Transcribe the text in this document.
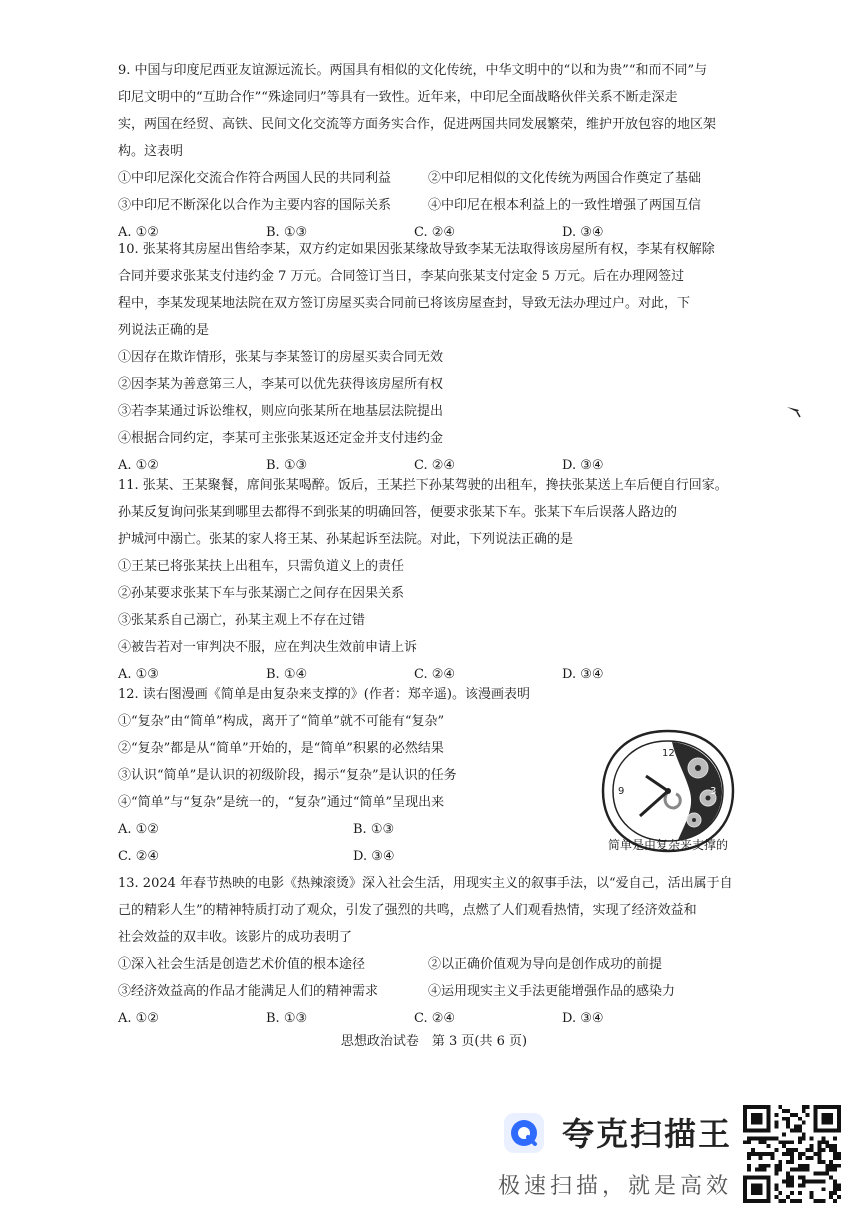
9. 中国与印度尼西亚友谊源远流长。两国具有相似的文化传统，中华文明中的“以和为贵”“和而不同”与
印尼文明中的“互助合作”“殊途同归”等具有一致性。近年来，中印尼全面战略伙伴关系不断走深走
实，两国在经贸、高铁、民间文化交流等方面务实合作，促进两国共同发展繁荣，维护开放包容的地区架
构。这表明
①中印尼深化交流合作符合两国人民的共同利益	②中印尼相似的文化传统为两国合作奠定了基础
③中印尼不断深化以合作为主要内容的国际关系	④中印尼在根本利益上的一致性增强了两国互信
A. ①②	B. ①③	C. ②④	D. ③④
10. 张某将其房屋出售给李某，双方约定如果因张某缘故导致李某无法取得该房屋所有权，李某有权解除
合同并要求张某支付违约金 7 万元。合同签订当日，李某向张某支付定金 5 万元。后在办理网签过
程中，李某发现某地法院在双方签订房屋买卖合同前已将该房屋查封，导致无法办理过户。对此，下
列说法正确的是
①因存在欺诈情形，张某与李某签订的房屋买卖合同无效
②因李某为善意第三人，李某可以优先获得该房屋所有权
③若李某通过诉讼维权，则应向张某所在地基层法院提出
④根据合同约定，李某可主张张某返还定金并支付违约金
A. ①②	B. ①③	C. ②④	D. ③④
11. 张某、王某聚餐，席间张某喝醉。饭后，王某拦下孙某驾驶的出租车，搀扶张某送上车后便自行回家。
孙某反复询问张某到哪里去都得不到张某的明确回答，便要求张某下车。张某下车后误落人路边的
护城河中溺亡。张某的家人将王某、孙某起诉至法院。对此，下列说法正确的是
①王某已将张某扶上出租车，只需负道义上的责任
②孙某要求张某下车与张某溺亡之间存在因果关系
③张某系自己溺亡，孙某主观上不存在过错
④被告若对一审判决不服，应在判决生效前申请上诉
A. ①③	B. ①④	C. ②④	D. ③④
12. 读右图漫画《简单是由复杂来支撑的》(作者：郑辛遥)。该漫画表明
①“复杂”由“简单”构成，离开了“简单”就不可能有“复杂”
②“复杂”都是从“简单”开始的，是“简单”积累的必然结果
③认识“简单”是认识的初级阶段，揭示“复杂”是认识的任务
④“简单”与“复杂”是统一的，“复杂”通过“简单”呈现出来
A. ①②	B. ①③
C. ②④	D. ③④
12
3
6
9
简单是由复杂来支撑的
13. 2024 年春节热映的电影《热辣滚烫》深入社会生活，用现实主义的叙事手法，以“爱自己，活出属于自
己的精彩人生”的精神特质打动了观众，引发了强烈的共鸣，点燃了人们观看热情，实现了经济效益和
社会效益的双丰收。该影片的成功表明了
①深入社会生活是创造艺术价值的根本途径	②以正确价值观为导向是创作成功的前提
③经济效益高的作品才能满足人们的精神需求	④运用现实主义手法更能增强作品的感染力
A. ①②	B. ①③	C. ②④	D. ③④
思想政治试卷　第 3 页(共 6 页)
夸克扫描王
极速扫描，就是高效
